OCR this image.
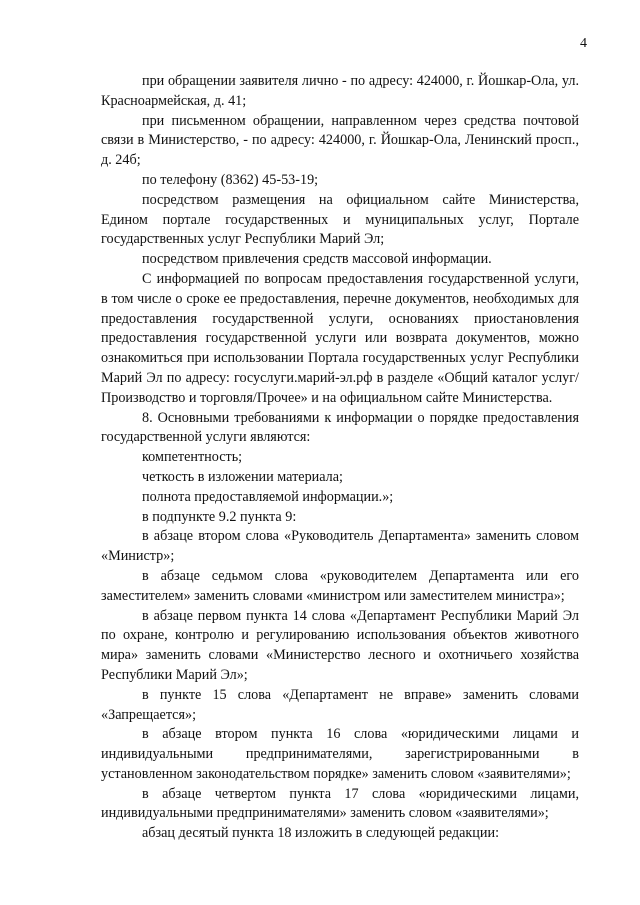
4

при обращении заявителя лично - по адресу: 424000, г. Йошкар-Ола, ул. Красноармейская, д. 41;

при письменном обращении, направленном через средства почтовой связи в Министерство, - по адресу: 424000, г. Йошкар-Ола, Ленинский просп., д. 24б;

по телефону (8362) 45-53-19;

посредством размещения на официальном сайте Министерства, Едином портале государственных и муниципальных услуг, Портале государственных услуг Республики Марий Эл;

посредством привлечения средств массовой информации.

С информацией по вопросам предоставления государственной услуги, в том числе о сроке ее предоставления, перечне документов, необходимых для предоставления государственной услуги, основаниях приостановления предоставления государственной услуги или возврата документов, можно ознакомиться при использовании Портала государственных услуг Республики Марий Эл по адресу: госуслуги.марий-эл.рф в разделе «Общий каталог услуг/Производство и торговля/Прочее» и на официальном сайте Министерства.

8. Основными требованиями к информации о порядке предоставления государственной услуги являются:

компетентность;

четкость в изложении материала;

полнота предоставляемой информации.»;

в подпункте 9.2 пункта 9:

в абзаце втором слова «Руководитель Департамента» заменить словом «Министр»;

в абзаце седьмом слова «руководителем Департамента или его заместителем» заменить словами «министром или заместителем министра»;

в абзаце первом пункта 14 слова «Департамент Республики Марий Эл по охране, контролю и регулированию использования объектов животного мира» заменить словами «Министерство лесного и охотничьего хозяйства Республики Марий Эл»;

в пункте 15 слова «Департамент не вправе» заменить словами «Запрещается»;

в абзаце втором пункта 16 слова «юридическими лицами и индивидуальными предпринимателями, зарегистрированными в установленном законодательством порядке» заменить словом «заявителями»;

в абзаце четвертом пункта 17 слова «юридическими лицами, индивидуальными предпринимателями» заменить словом «заявителями»;

абзац десятый пункта 18 изложить в следующей редакции:
